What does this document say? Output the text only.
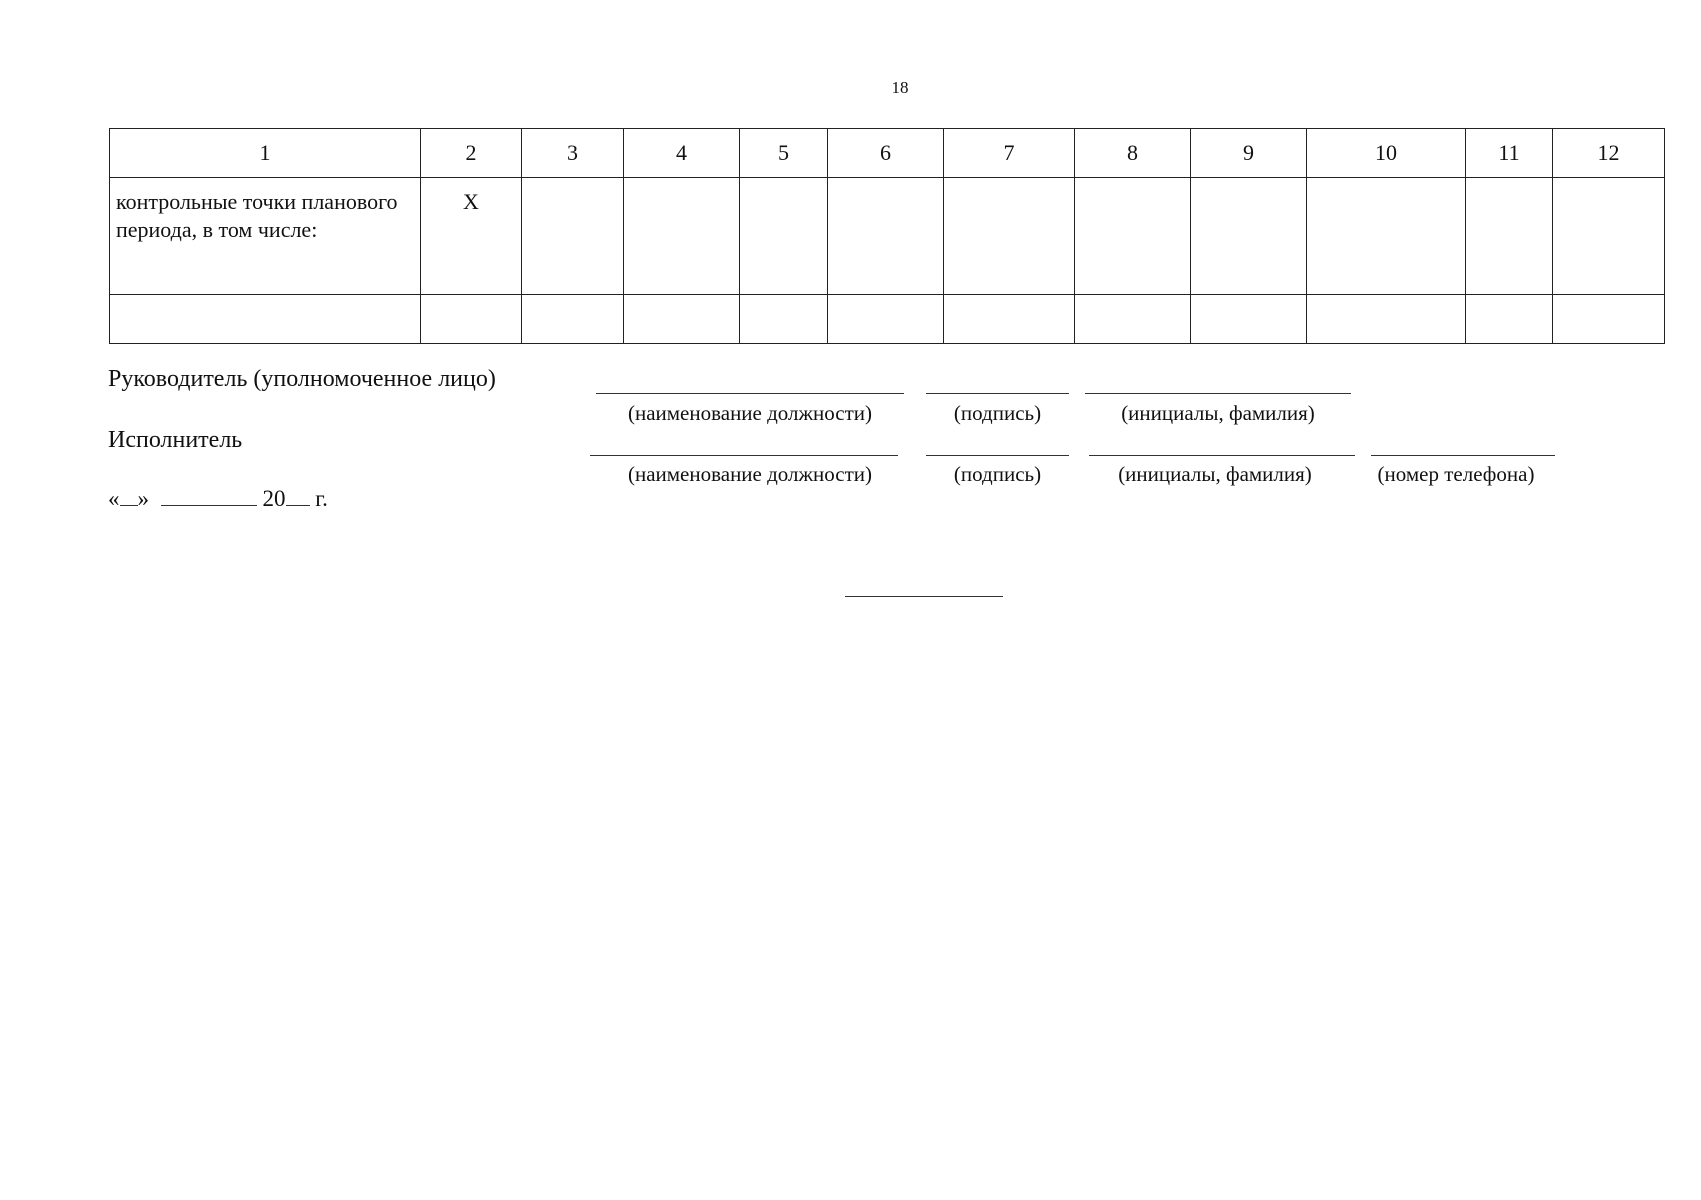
18
1	2	3	4	5	6	7	8	9	10	11	12
контрольные точки планового периода, в том числе:	X										

Руководитель (уполномоченное лицо)
(наименование должности)	(подпись)	(инициалы, фамилия)
Исполнитель
(наименование должности)	(подпись)	(инициалы, фамилия)	(номер телефона)
« »	20 г.
